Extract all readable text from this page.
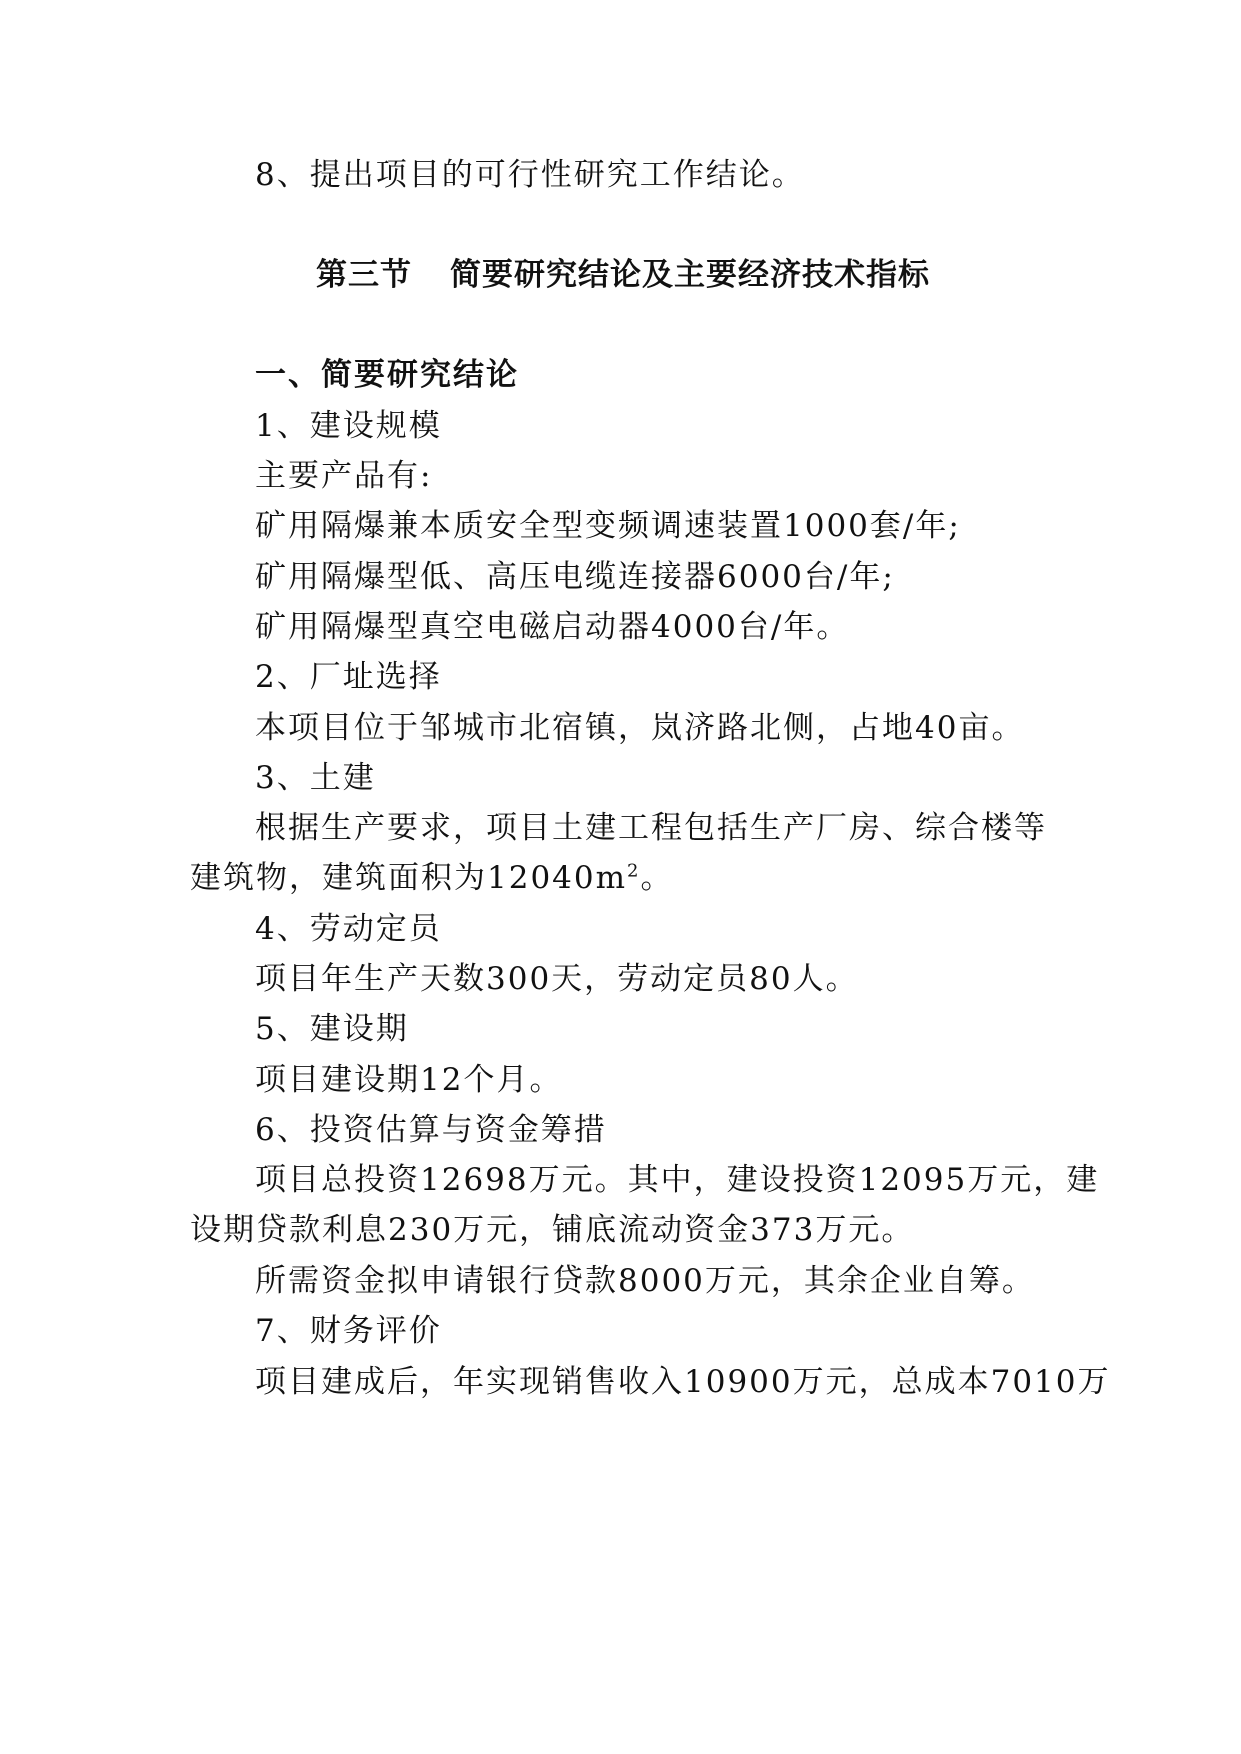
8、提出项目的可行性研究工作结论。
第三节 简要研究结论及主要经济技术指标
一、简要研究结论
1、建设规模
主要产品有:
矿用隔爆兼本质安全型变频调速装置1000套/年;
矿用隔爆型低、高压电缆连接器6000台/年;
矿用隔爆型真空电磁启动器4000台/年。
2、厂址选择
本项目位于邹城市北宿镇，岚济路北侧，占地40亩。
3、土建
根据生产要求，项目土建工程包括生产厂房、综合楼等
建筑物，建筑面积为$12040m^2$。
4、劳动定员
项目年生产天数300天，劳动定员80人。
5、建设期
项目建设期12个月。
6、投资估算与资金筹措
项目总投资12698万元。其中，建设投资12095万元，建
设期贷款利息230万元，铺底流动资金373万元。
所需资金拟申请银行贷款8000万元，其余企业自筹。
7、财务评价
项目建成后，年实现销售收入10900万元，总成本7010万
